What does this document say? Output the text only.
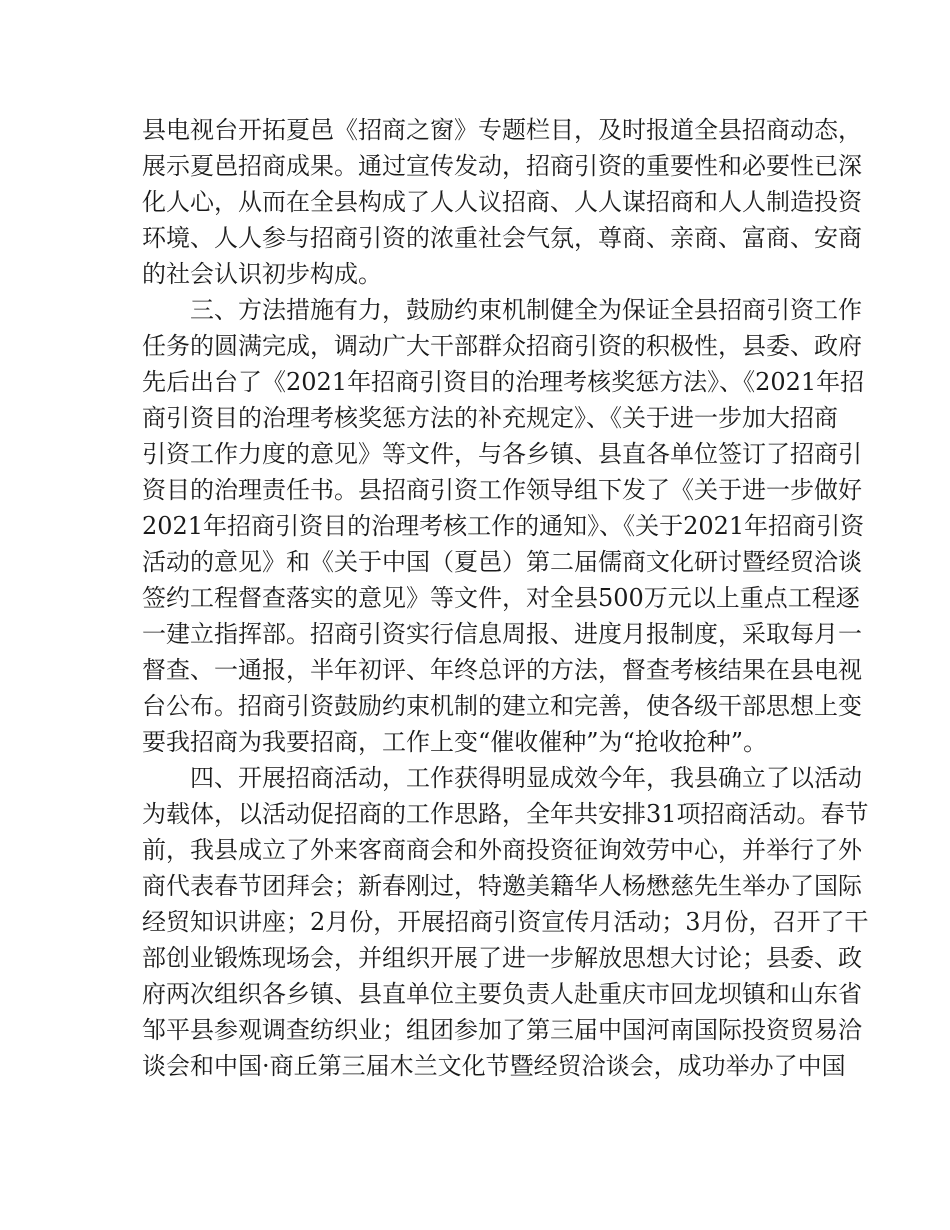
县电视台开拓夏邑《招商之窗》专题栏目，及时报道全县招商动态，
展示夏邑招商成果。通过宣传发动，招商引资的重要性和必要性已深
化人心，从而在全县构成了人人议招商、人人谋招商和人人制造投资
环境、人人参与招商引资的浓重社会气氛，尊商、亲商、富商、安商
的社会认识初步构成。
三、方法措施有力，鼓励约束机制健全为保证全县招商引资工作
任务的圆满完成，调动广大干部群众招商引资的积极性，县委、政府
先后出台了《2021年招商引资目的治理考核奖惩方法》、《2021年招
商引资目的治理考核奖惩方法的补充规定》、《关于进一步加大招商
引资工作力度的意见》等文件，与各乡镇、县直各单位签订了招商引
资目的治理责任书。县招商引资工作领导组下发了《关于进一步做好
2021年招商引资目的治理考核工作的通知》、《关于2021年招商引资
活动的意见》和《关于中国（夏邑）第二届儒商文化研讨暨经贸洽谈
签约工程督查落实的意见》等文件，对全县500万元以上重点工程逐
一建立指挥部。招商引资实行信息周报、进度月报制度，采取每月一
督查、一通报，半年初评、年终总评的方法，督查考核结果在县电视
台公布。招商引资鼓励约束机制的建立和完善，使各级干部思想上变
要我招商为我要招商，工作上变“催收催种”为“抢收抢种”。
四、开展招商活动，工作获得明显成效今年，我县确立了以活动
为载体，以活动促招商的工作思路，全年共安排31项招商活动。春节
前，我县成立了外来客商商会和外商投资征询效劳中心，并举行了外
商代表春节团拜会；新春刚过，特邀美籍华人杨懋慈先生举办了国际
经贸知识讲座；2月份，开展招商引资宣传月活动；3月份，召开了干
部创业锻炼现场会，并组织开展了进一步解放思想大讨论；县委、政
府两次组织各乡镇、县直单位主要负责人赴重庆市回龙坝镇和山东省
邹平县参观调查纺织业；组团参加了第三届中国河南国际投资贸易洽
谈会和中国·商丘第三届木兰文化节暨经贸洽谈会，成功举办了中国
